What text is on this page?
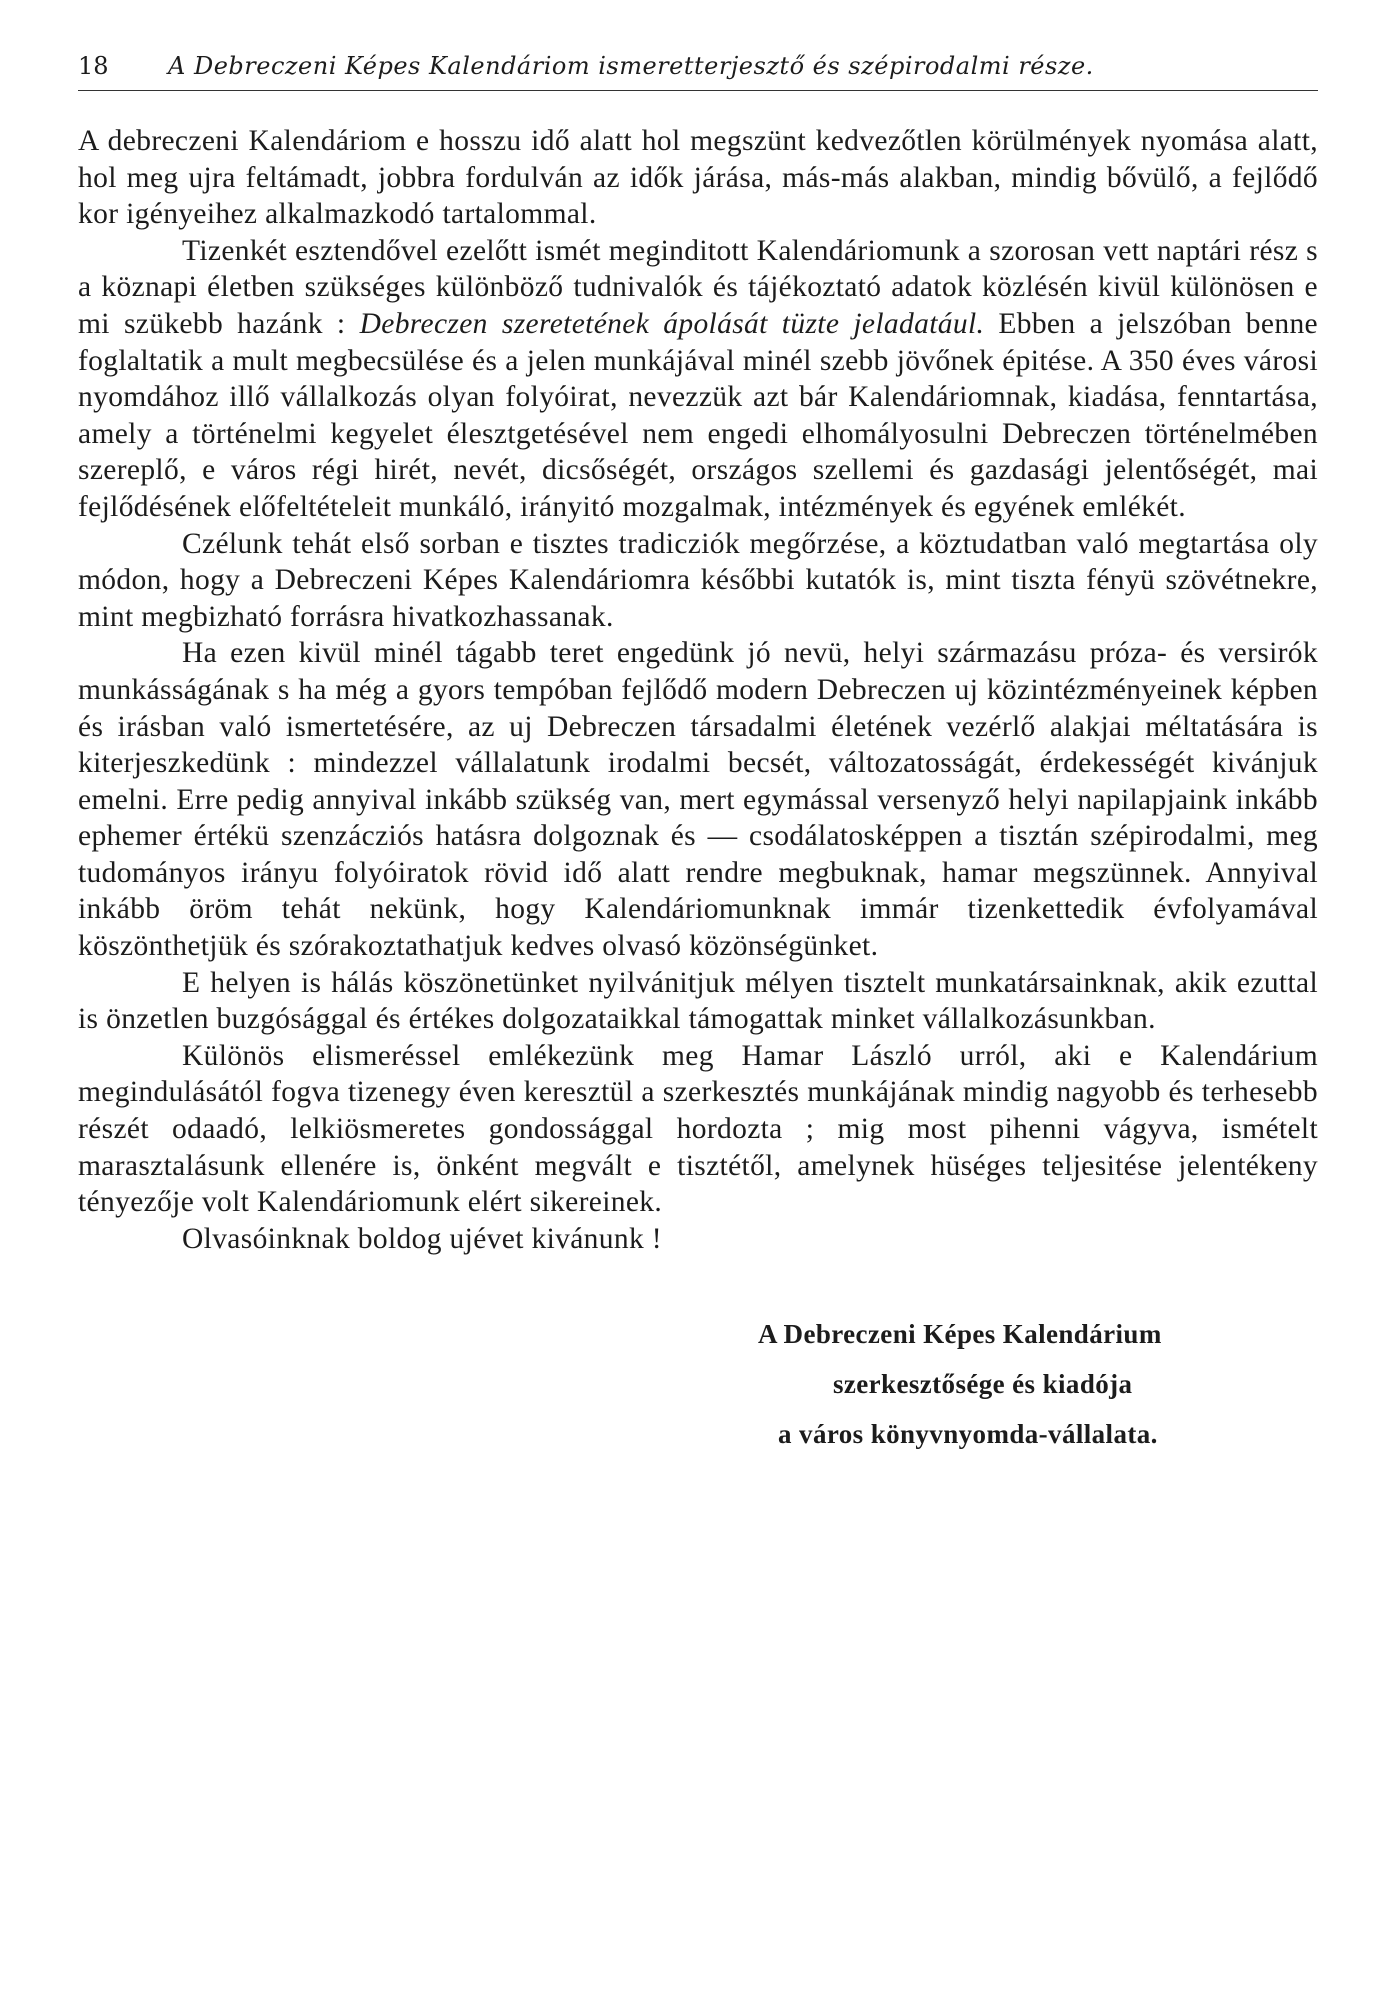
18	A Debreczeni Képes Kalendáriom ismeretterjesztő és szépirodalmi része.

A debreczeni Kalendáriom e hosszu idő alatt hol megszünt kedvezőtlen körülmények nyomása alatt, hol meg ujra feltámadt, jobbra fordulván az idők járása, más-más alakban, mindig bővülő, a fejlődő kor igényeihez alkalmazkodó tartalommal.

Tizenkét esztendővel ezelőtt ismét meginditott Kalendáriomunk a szorosan vett naptári rész s a köznapi életben szükséges különböző tudnivalók és tájékoztató adatok közlésén kivül különösen e mi szükebb hazánk : Debreczen szeretetének ápolását tüzte jeladatául. Ebben a jelszóban benne foglaltatik a mult megbecsülése és a jelen munkájával minél szebb jövőnek épitése. A 350 éves városi nyomdához illő vállalkozás olyan folyóirat, nevezzük azt bár Kalendáriomnak, kiadása, fenntartása, amely a történelmi kegyelet élesztgetésével nem engedi elhomályosulni Debreczen történelmében szereplő, e város régi hirét, nevét, dicsőségét, országos szellemi és gazdasági jelentőségét, mai fejlődésének előfeltételeit munkáló, irányitó mozgalmak, intézmények és egyének emlékét.

Czélunk tehát első sorban e tisztes tradicziók megőrzése, a köztudatban való megtartása oly módon, hogy a Debreczeni Képes Kalendáriomra későbbi kutatók is, mint tiszta fényü szövétnekre, mint megbizható forrásra hivatkozhassanak.

Ha ezen kivül minél tágabb teret engedünk jó nevü, helyi származásu próza- és versirók munkásságának s ha még a gyors tempóban fejlődő modern Debreczen uj közintézményeinek képben és irásban való ismertetésére, az uj Debreczen társadalmi életének vezérlő alakjai méltatására is kiterjeszkedünk : mindezzel vállalatunk irodalmi becsét, változatosságát, érdekességét kivánjuk emelni. Erre pedig annyival inkább szükség van, mert egymással versenyző helyi napilapjaink inkább ephemer értékü szenzácziós hatásra dolgoznak és — csodálatosképpen a tisztán szépirodalmi, meg tudományos irányu folyóiratok rövid idő alatt rendre megbuknak, hamar megszünnek. Annyival inkább öröm tehát nekünk, hogy Kalendáriomunknak immár tizenkettedik évfolyamával köszönthetjük és szórakoztathatjuk kedves olvasó közönségünket.

E helyen is hálás köszönetünket nyilvánitjuk mélyen tisztelt munkatársainknak, akik ezuttal is önzetlen buzgósággal és értékes dolgozataikkal támogattak minket vállalkozásunkban.

Különös elismeréssel emlékezünk meg Hamar László urról, aki e Kalendárium megindulásától fogva tizenegy éven keresztül a szerkesztés munkájának mindig nagyobb és terhesebb részét odaadó, lelkiösmeretes gondossággal hordozta ; mig most pihenni vágyva, ismételt marasztalásunk ellenére is, önként megvált e tisztétől, amelynek hüséges teljesitése jelentékeny tényezője volt Kalendáriomunk elért sikereinek.

Olvasóinknak boldog ujévet kivánunk !

A Debreczeni Képes Kalendárium
szerkesztősége és kiadója
a város könyvnyomda-vállalata.
